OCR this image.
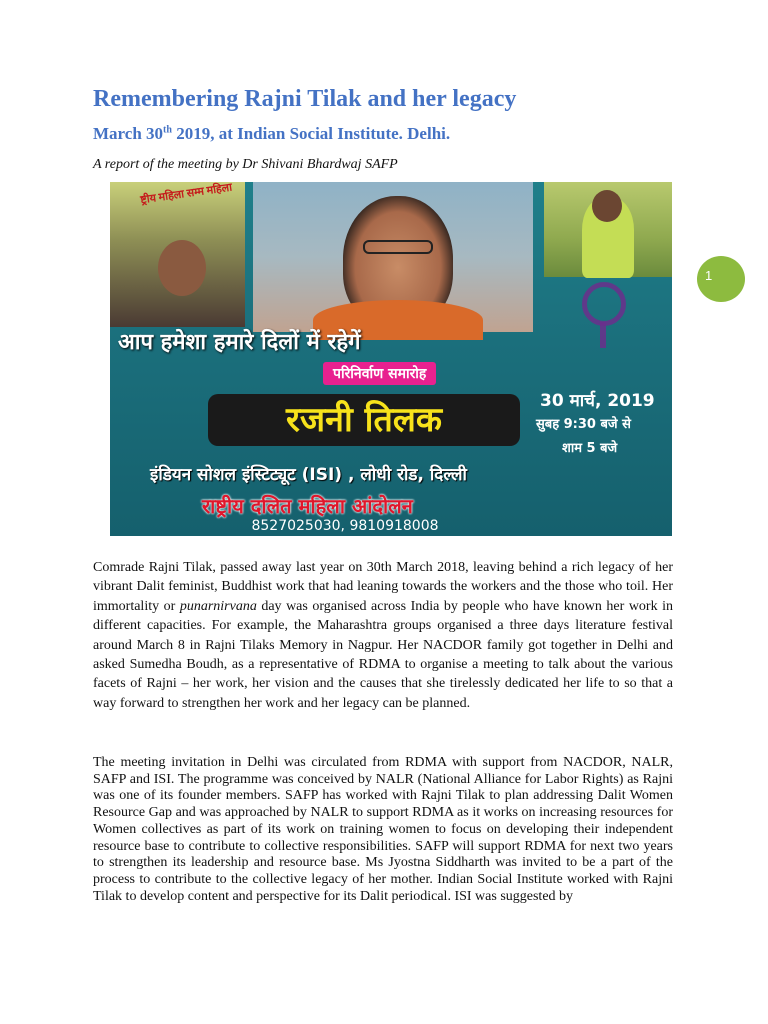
Remembering Rajni Tilak and her legacy
March 30th 2019, at Indian Social Institute. Delhi.

A report of the meeting by Dr Shivani Bhardwaj SAFP

ष्ट्रीय महिला सम्म महिला
आप हमेशा हमारे दिलों में रहेगें
परिनिर्वाण समारोह
रजनी तिलक	30 मार्च, 2019
सुबह 9:30 बजे से
शाम 5 बजे
इंडियन सोशल इंस्टिट्यूट (ISI) , लोधी रोड, दिल्ली
राष्ट्रीय दलित महिला आंदोलन
8527025030, 9810918008
1

Comrade Rajni Tilak, passed away last year on 30th March 2018, leaving behind a rich legacy of her vibrant Dalit feminist, Buddhist work that had leaning towards the workers and the those who toil. Her immortality or punarnirvana day was organised across India by people who have known her work in different capacities. For example, the Maharashtra groups organised a three days literature festival around March 8 in Rajni Tilaks Memory in Nagpur. Her NACDOR family got together in Delhi and asked Sumedha Boudh, as a representative of RDMA to organise a meeting to talk about the various facets of Rajni – her work, her vision and the causes that she tirelessly dedicated her life to so that a way forward to strengthen her work and her legacy can be planned.

The meeting invitation in Delhi was circulated from RDMA with support from NACDOR, NALR, SAFP and ISI. The programme was conceived by NALR (National Alliance for Labor Rights) as Rajni was one of its founder members. SAFP has worked with Rajni Tilak to plan addressing Dalit Women Resource Gap and was approached by NALR to support RDMA as it works on increasing resources for Women collectives as part of its work on training women to focus on developing their independent resource base to contribute to collective responsibilities. SAFP will support RDMA for next two years to strengthen its leadership and resource base. Ms Jyostna Siddharth was invited to be a part of the process to contribute to the collective legacy of her mother. Indian Social Institute worked with Rajni Tilak to develop content and perspective for its Dalit periodical. ISI was suggested by
